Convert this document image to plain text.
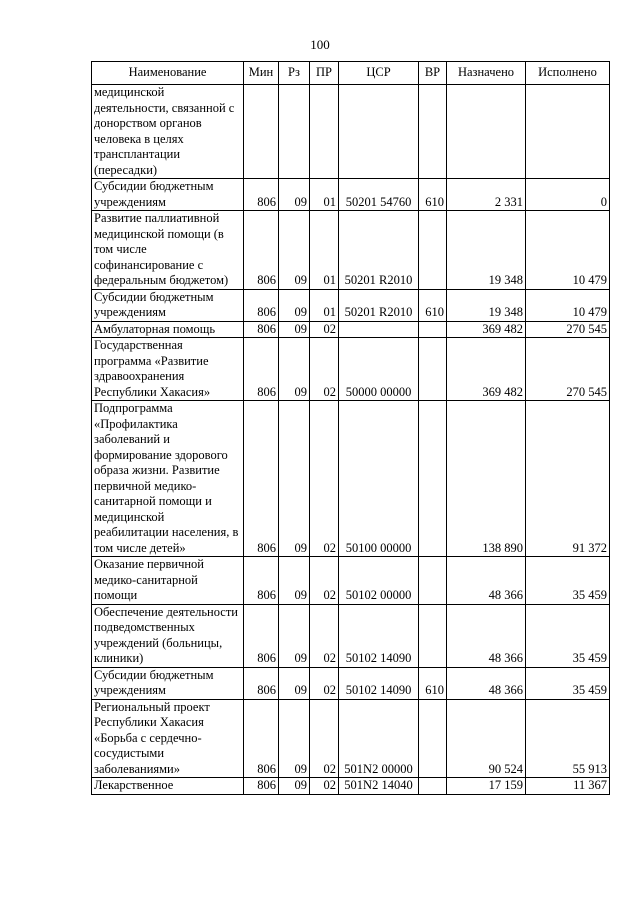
100
Наименование	Мин	Рз	ПР	ЦСР	ВР	Назначено	Исполнено
медицинской деятельности, связанной с донорством органов человека в целях трансплантации (пересадки)							
Субсидии бюджетным учреждениям	806	09	01	50201 54760	610	2 331	0
Развитие паллиативной медицинской помощи (в том числе софинансирование с федеральным бюджетом)	806	09	01	50201 R2010		19 348	10 479
Субсидии бюджетным учреждениям	806	09	01	50201 R2010	610	19 348	10 479
Амбулаторная помощь	806	09	02			369 482	270 545
Государственная программа «Развитие здравоохранения Республики Хакасия»	806	09	02	50000 00000		369 482	270 545
Подпрограмма «Профилактика заболеваний и формирование здорового образа жизни. Развитие первичной медико-санитарной помощи и медицинской реабилитации населения, в том числе детей»	806	09	02	50100 00000		138 890	91 372
Оказание первичной медико-санитарной помощи	806	09	02	50102 00000		48 366	35 459
Обеспечение деятельности подведомственных учреждений (больницы, клиники)	806	09	02	50102 14090		48 366	35 459
Субсидии бюджетным учреждениям	806	09	02	50102 14090	610	48 366	35 459
Региональный проект Республики Хакасия «Борьба с сердечно-сосудистыми заболеваниями»	806	09	02	501N2 00000		90 524	55 913
Лекарственное	806	09	02	501N2 14040		17 159	11 367
